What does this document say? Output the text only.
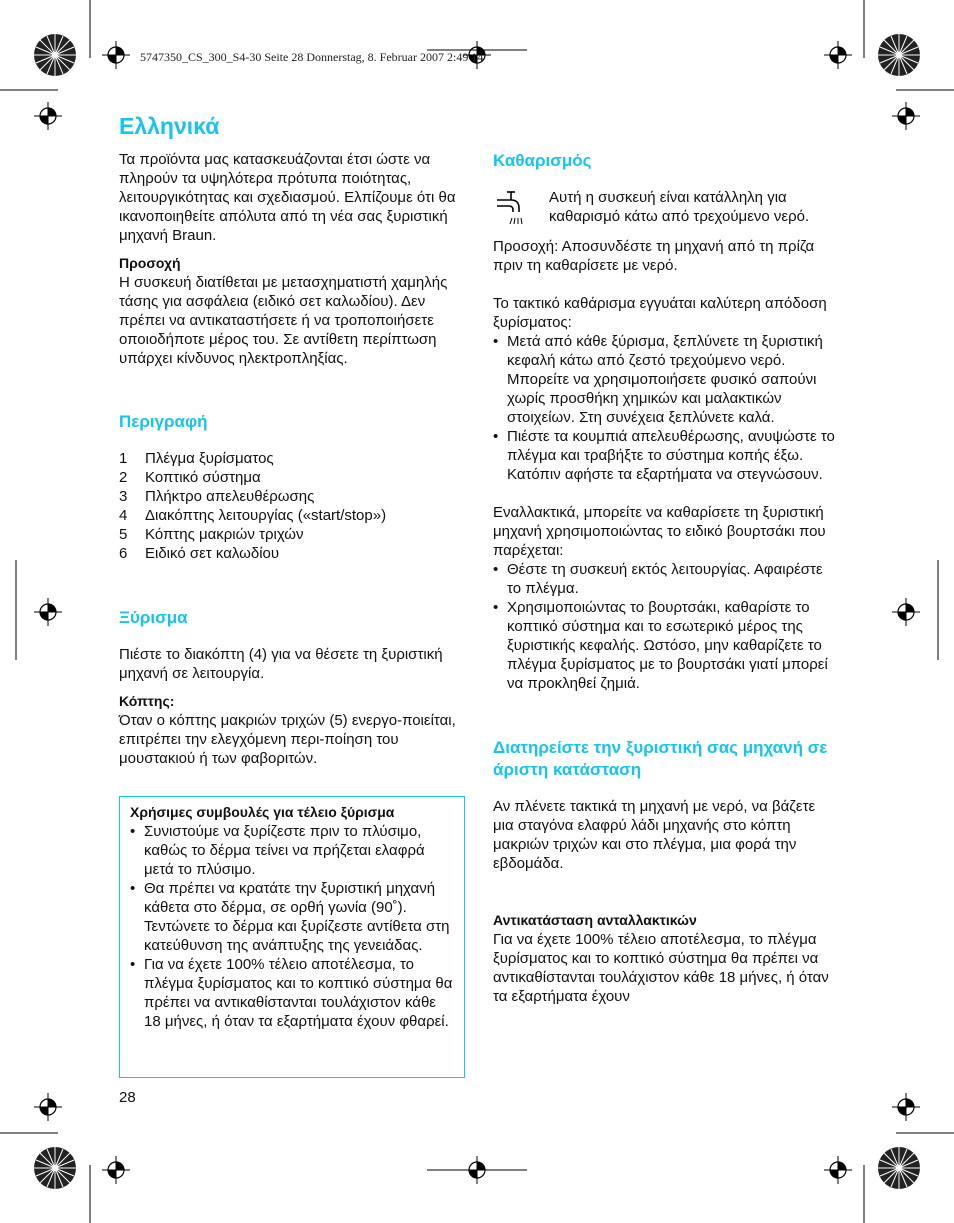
5747350_CS_300_S4-30 Seite 28 Donnerstag, 8. Februar 2007 2:49 14
Ελληνικά

Τα προϊόντα μας κατασκευάζονται έτσι ώστε να πληρούν τα υψηλότερα πρότυπα ποιότητας, λειτουργικότητας και σχεδιασμού. Ελπίζουμε ότι θα ικανοποιηθείτε απόλυτα από τη νέα σας ξυριστική μηχανή Braun.

Προσοχή

Η συσκευή διατίθεται με μετασχηματιστή χαμηλής τάσης για ασφάλεια (ειδικό σετ καλωδίου). Δεν πρέπει να αντικαταστήσετε ή να τροποποιήσετε οποιοδήποτε μέρος του. Σε αντίθετη περίπτωση υπάρχει κίνδυνος ηλεκτροπληξίας.

Περιγραφή
1	Πλέγμα ξυρίσματος
2	Κοπτικό σύστημα
3	Πλήκτρο απελευθέρωσης
4	Διακόπτης λειτουργίας («start/stop»)
5	Κόπτης μακριών τριχών
6	Ειδικό σετ καλωδίου
Ξύρισμα

Πιέστε το διακόπτη (4) για να θέσετε τη ξυριστική μηχανή σε λειτουργία.

Κόπτης:

Όταν ο κόπτης μακριών τριχών (5) ενεργο-ποιείται, επιτρέπει την ελεγχόμενη περι-ποίηση του μουστακιού ή των φαβοριτών.

Χρήσιμες συμβουλές για τέλειο ξύρισμα

• Συνιστούμε να ξυρίζεστε πριν το πλύσιμο, καθώς το δέρμα τείνει να πρήζεται ελαφρά μετά το πλύσιμο.
• Θα πρέπει να κρατάτε την ξυριστική μηχανή κάθετα στο δέρμα, σε ορθή γωνία (90˚). Τεντώνετε το δέρμα και ξυρίζεστε αντίθετα στη κατεύθυνση της ανάπτυξης της γενειάδας.
• Για να έχετε 100% τέλειο αποτέλεσμα, το πλέγμα ξυρίσματος και το κοπτικό σύστημα θα πρέπει να αντικαθίστανται τουλάχιστον κάθε 18 μήνες, ή όταν τα εξαρτήματα έχουν φθαρεί.
28
Καθαρισμός

Αυτή η συσκευή είναι κατάλληλη για καθαρισμό κάτω από τρεχούμενο νερό.

Προσοχή: Αποσυνδέστε τη μηχανή από τη πρίζα πριν τη καθαρίσετε με νερό.

Το τακτικό καθάρισμα εγγυάται καλύτερη απόδοση ξυρίσματος:

• Μετά από κάθε ξύρισμα, ξεπλύνετε τη ξυριστική κεφαλή κάτω από ζεστό τρεχούμενο νερό. Μπορείτε να χρησιμοποιήσετε φυσικό σαπούνι χωρίς προσθήκη χημικών και μαλακτικών στοιχείων. Στη συνέχεια ξεπλύνετε καλά.
• Πιέστε τα κουμπιά απελευθέρωσης, ανυψώστε το πλέγμα και τραβήξτε το σύστημα κοπής έξω. Κατόπιν αφήστε τα εξαρτήματα να στεγνώσουν.

Εναλλακτικά, μπορείτε να καθαρίσετε τη ξυριστική μηχανή χρησιμοποιώντας το ειδικό βουρτσάκι που παρέχεται:

• Θέστε τη συσκευή εκτός λειτουργίας. Αφαιρέστε το πλέγμα.
• Χρησιμοποιώντας το βουρτσάκι, καθαρίστε το κοπτικό σύστημα και το εσωτερικό μέρος της ξυριστικής κεφαλής. Ωστόσο, μην καθαρίζετε το πλέγμα ξυρίσματος με το βουρτσάκι γιατί μπορεί να προκληθεί ζημιά.
Διατηρείστε την ξυριστική σας μηχανή σε άριστη κατάσταση

Αν πλένετε τακτικά τη μηχανή με νερό, να βάζετε μια σταγόνα ελαφρύ λάδι μηχανής στο κόπτη μακριών τριχών και στο πλέγμα, μια φορά την εβδομάδα.

Αντικατάσταση ανταλλακτικών

Για να έχετε 100% τέλειο αποτέλεσμα, το πλέγμα ξυρίσματος και το κοπτικό σύστημα θα πρέπει να αντικαθίστανται τουλάχιστον κάθε 18 μήνες, ή όταν τα εξαρτήματα έχουν
